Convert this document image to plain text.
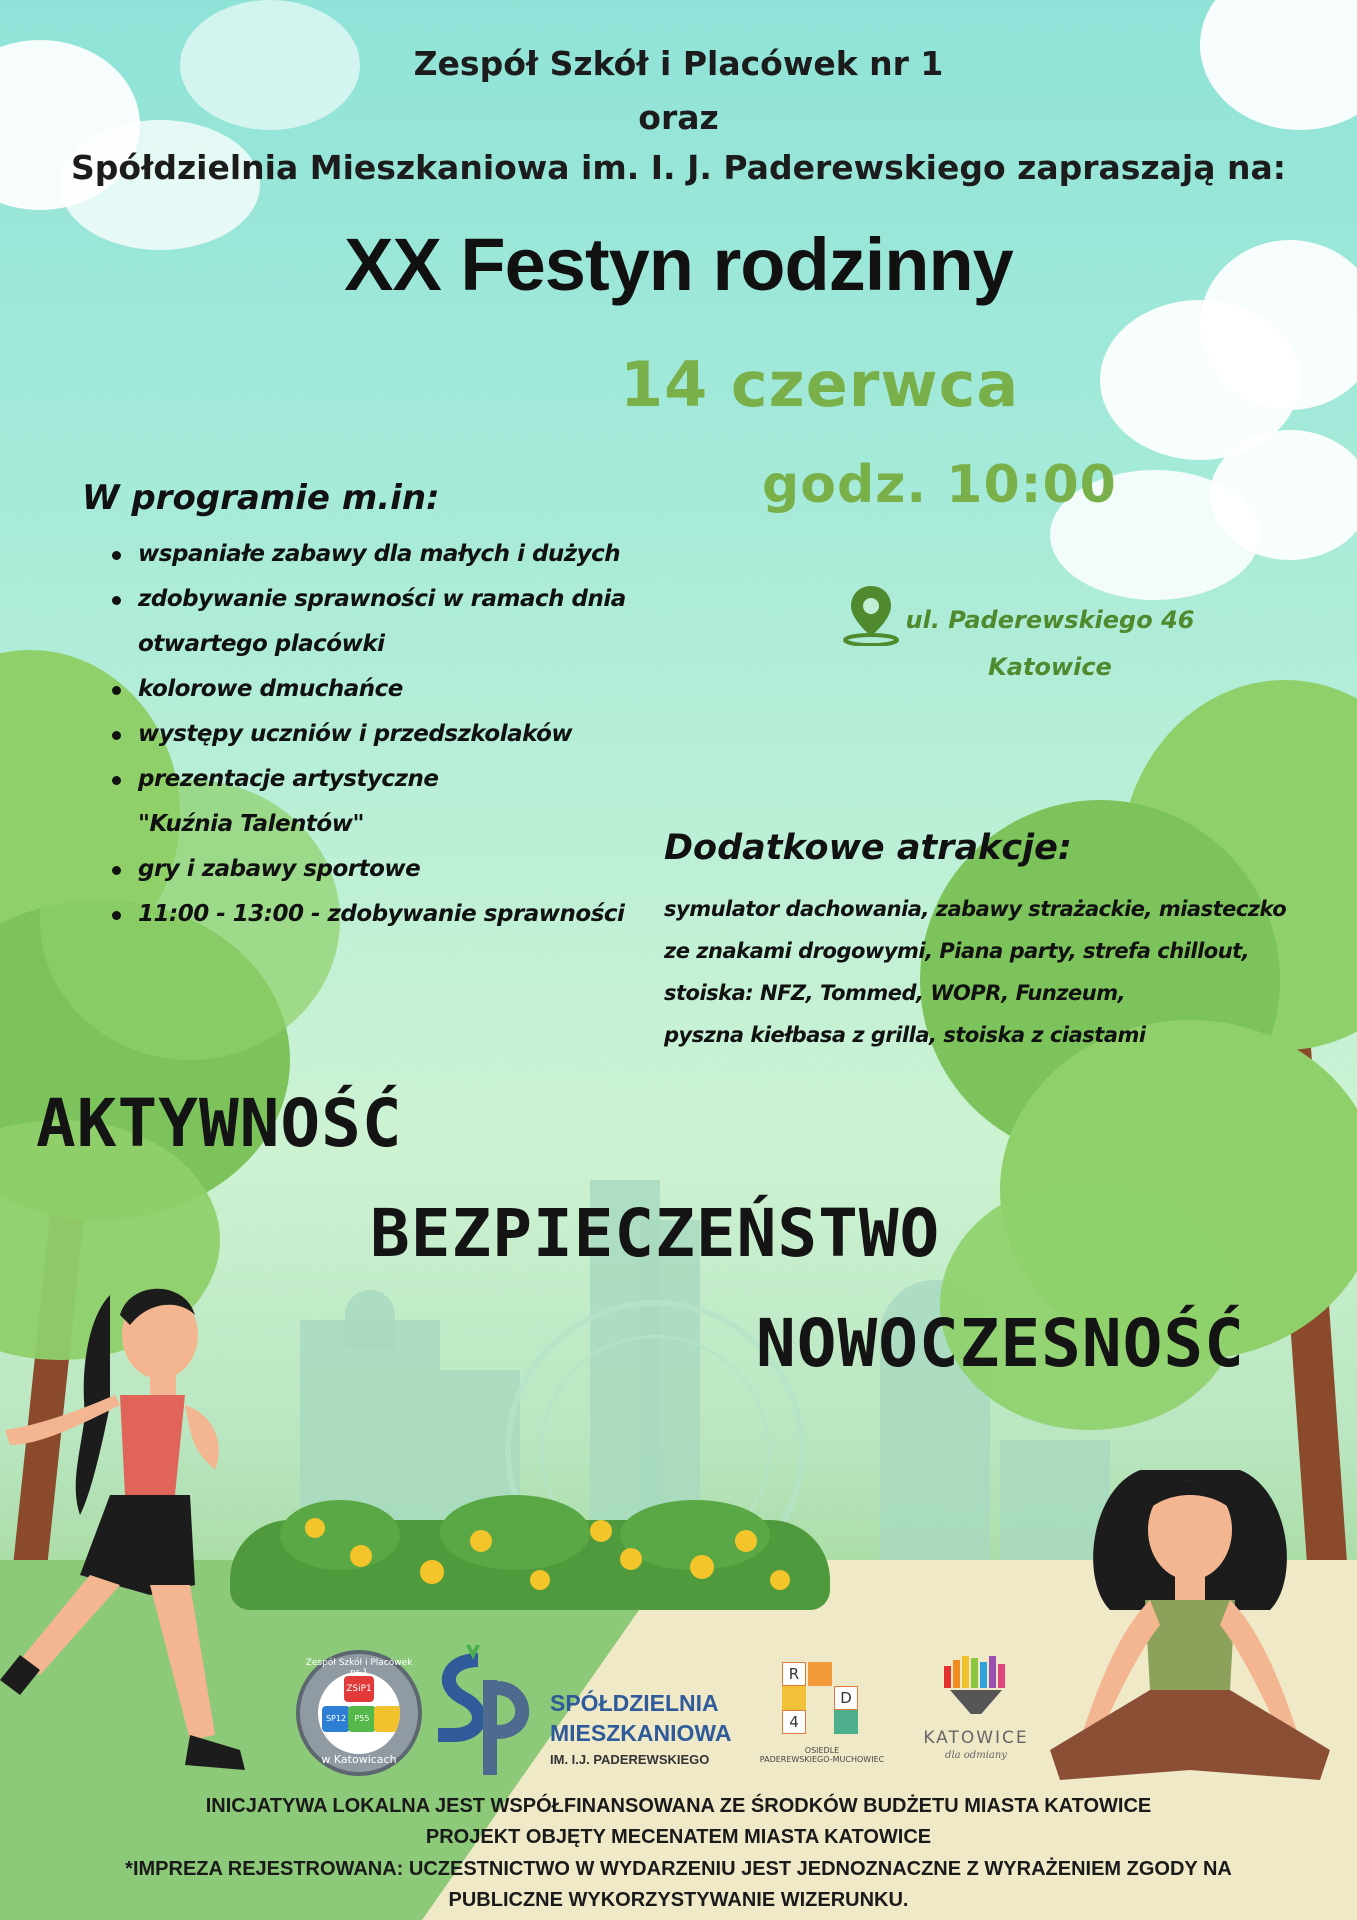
Zespół Szkół i Placówek nr 1
oraz
Spółdzielnia Mieszkaniowa im. I. J. Paderewskiego zapraszają na:
XX Festyn rodzinny
14 czerwca
godz. 10:00
ul. Paderewskiego 46
Katowice
W programie m.in:
wspaniałe zabawy dla małych i dużych
zdobywanie sprawności w ramach dnia
otwartego placówki
kolorowe dmuchańce
występy uczniów i przedszkolaków
prezentacje artystyczne
"Kuźnia Talentów"
gry i zabawy sportowe
11:00 - 13:00 - zdobywanie sprawności
Dodatkowe atrakcje:
symulator dachowania, zabawy strażackie, miasteczko
ze znakami drogowymi, Piana party, strefa chillout,
stoiska: NFZ, Tommed, WOPR, Funzeum,
pyszna kiełbasa z grilla, stoiska z ciastami
AKTYWNOŚĆ
BEZPIECZEŃSTWO
NOWOCZESNOŚĆ
Zespół Szkół i Placówek
ZSiP1
SP12	P55
w Katowicach
SPÓŁDZIELNIA
MIESZKANIOWA
IM. I.J. PADEREWSKIEGO
R
D
4
OSIEDLE
PADEREWSKIEGO-MUCHOWIEC
KATOWICE
dla odmiany
INICJATYWA LOKALNA JEST WSPÓŁFINANSOWANA ZE ŚRODKÓW BUDŻETU MIASTA KATOWICE
PROJEKT OBJĘTY MECENATEM MIASTA KATOWICE
*IMPREZA REJESTROWANA: UCZESTNICTWO W WYDARZENIU JEST JEDNOZNACZNE Z WYRAŻENIEM ZGODY NA
PUBLICZNE WYKORZYSTYWANIE WIZERUNKU.
